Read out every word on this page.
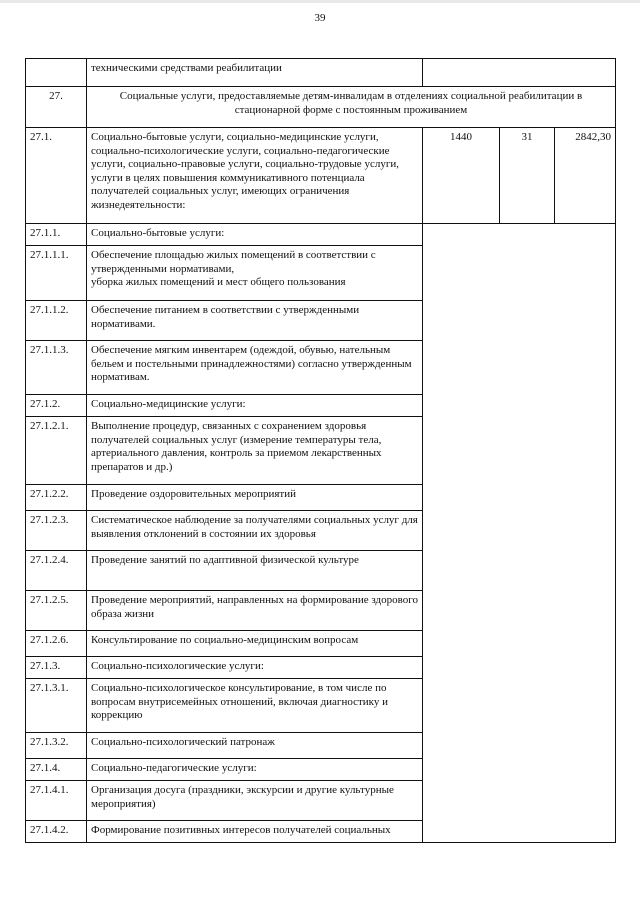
39
	техническими средствами реабилитации			
27.	Социальные услуги, предоставляемые детям-инвалидам в отделениях социальной реабилитации в стационарной форме с постоянным проживанием			
27.1.	Социально-бытовые услуги, социально-медицинские услуги, социально-психологические услуги, социально-педагогические услуги, социально-правовые услуги, социально-трудовые услуги, услуги в целях повышения коммуникативного потенциала получателей социальных услуг, имеющих ограничения жизнедеятельности:	1440	31	2842,30
27.1.1.	Социально-бытовые услуги:			
27.1.1.1.	Обеспечение площадью жилых помещений в соответствии с утвержденными нормативами,
уборка жилых помещений и мест общего пользования			
27.1.1.2.	Обеспечение питанием в соответствии с утвержденными нормативами.			
27.1.1.3.	Обеспечение мягким инвентарем (одеждой, обувью, нательным бельем и постельными принадлежностями) согласно утвержденным нормативам.			
27.1.2.	Социально-медицинские услуги:			
27.1.2.1.	Выполнение процедур, связанных с сохранением здоровья получателей социальных услуг (измерение температуры тела, артериального давления, контроль за приемом лекарственных препаратов и др.)			
27.1.2.2.	Проведение оздоровительных мероприятий			
27.1.2.3.	Систематическое наблюдение за получателями социальных услуг для выявления отклонений в состоянии их здоровья			
27.1.2.4.	Проведение занятий по адаптивной физической культуре			
27.1.2.5.	Проведение мероприятий, направленных на формирование здорового образа жизни			
27.1.2.6.	Консультирование по социально-медицинским вопросам			
27.1.3.	Социально-психологические услуги:			
27.1.3.1.	Социально-психологическое консультирование, в том числе по вопросам внутрисемейных отношений, включая диагностику и коррекцию			
27.1.3.2.	Социально-психологический патронаж			
27.1.4.	Социально-педагогические услуги:			
27.1.4.1.	Организация досуга (праздники, экскурсии и другие культурные мероприятия)			
27.1.4.2.	Формирование позитивных интересов получателей социальных			
